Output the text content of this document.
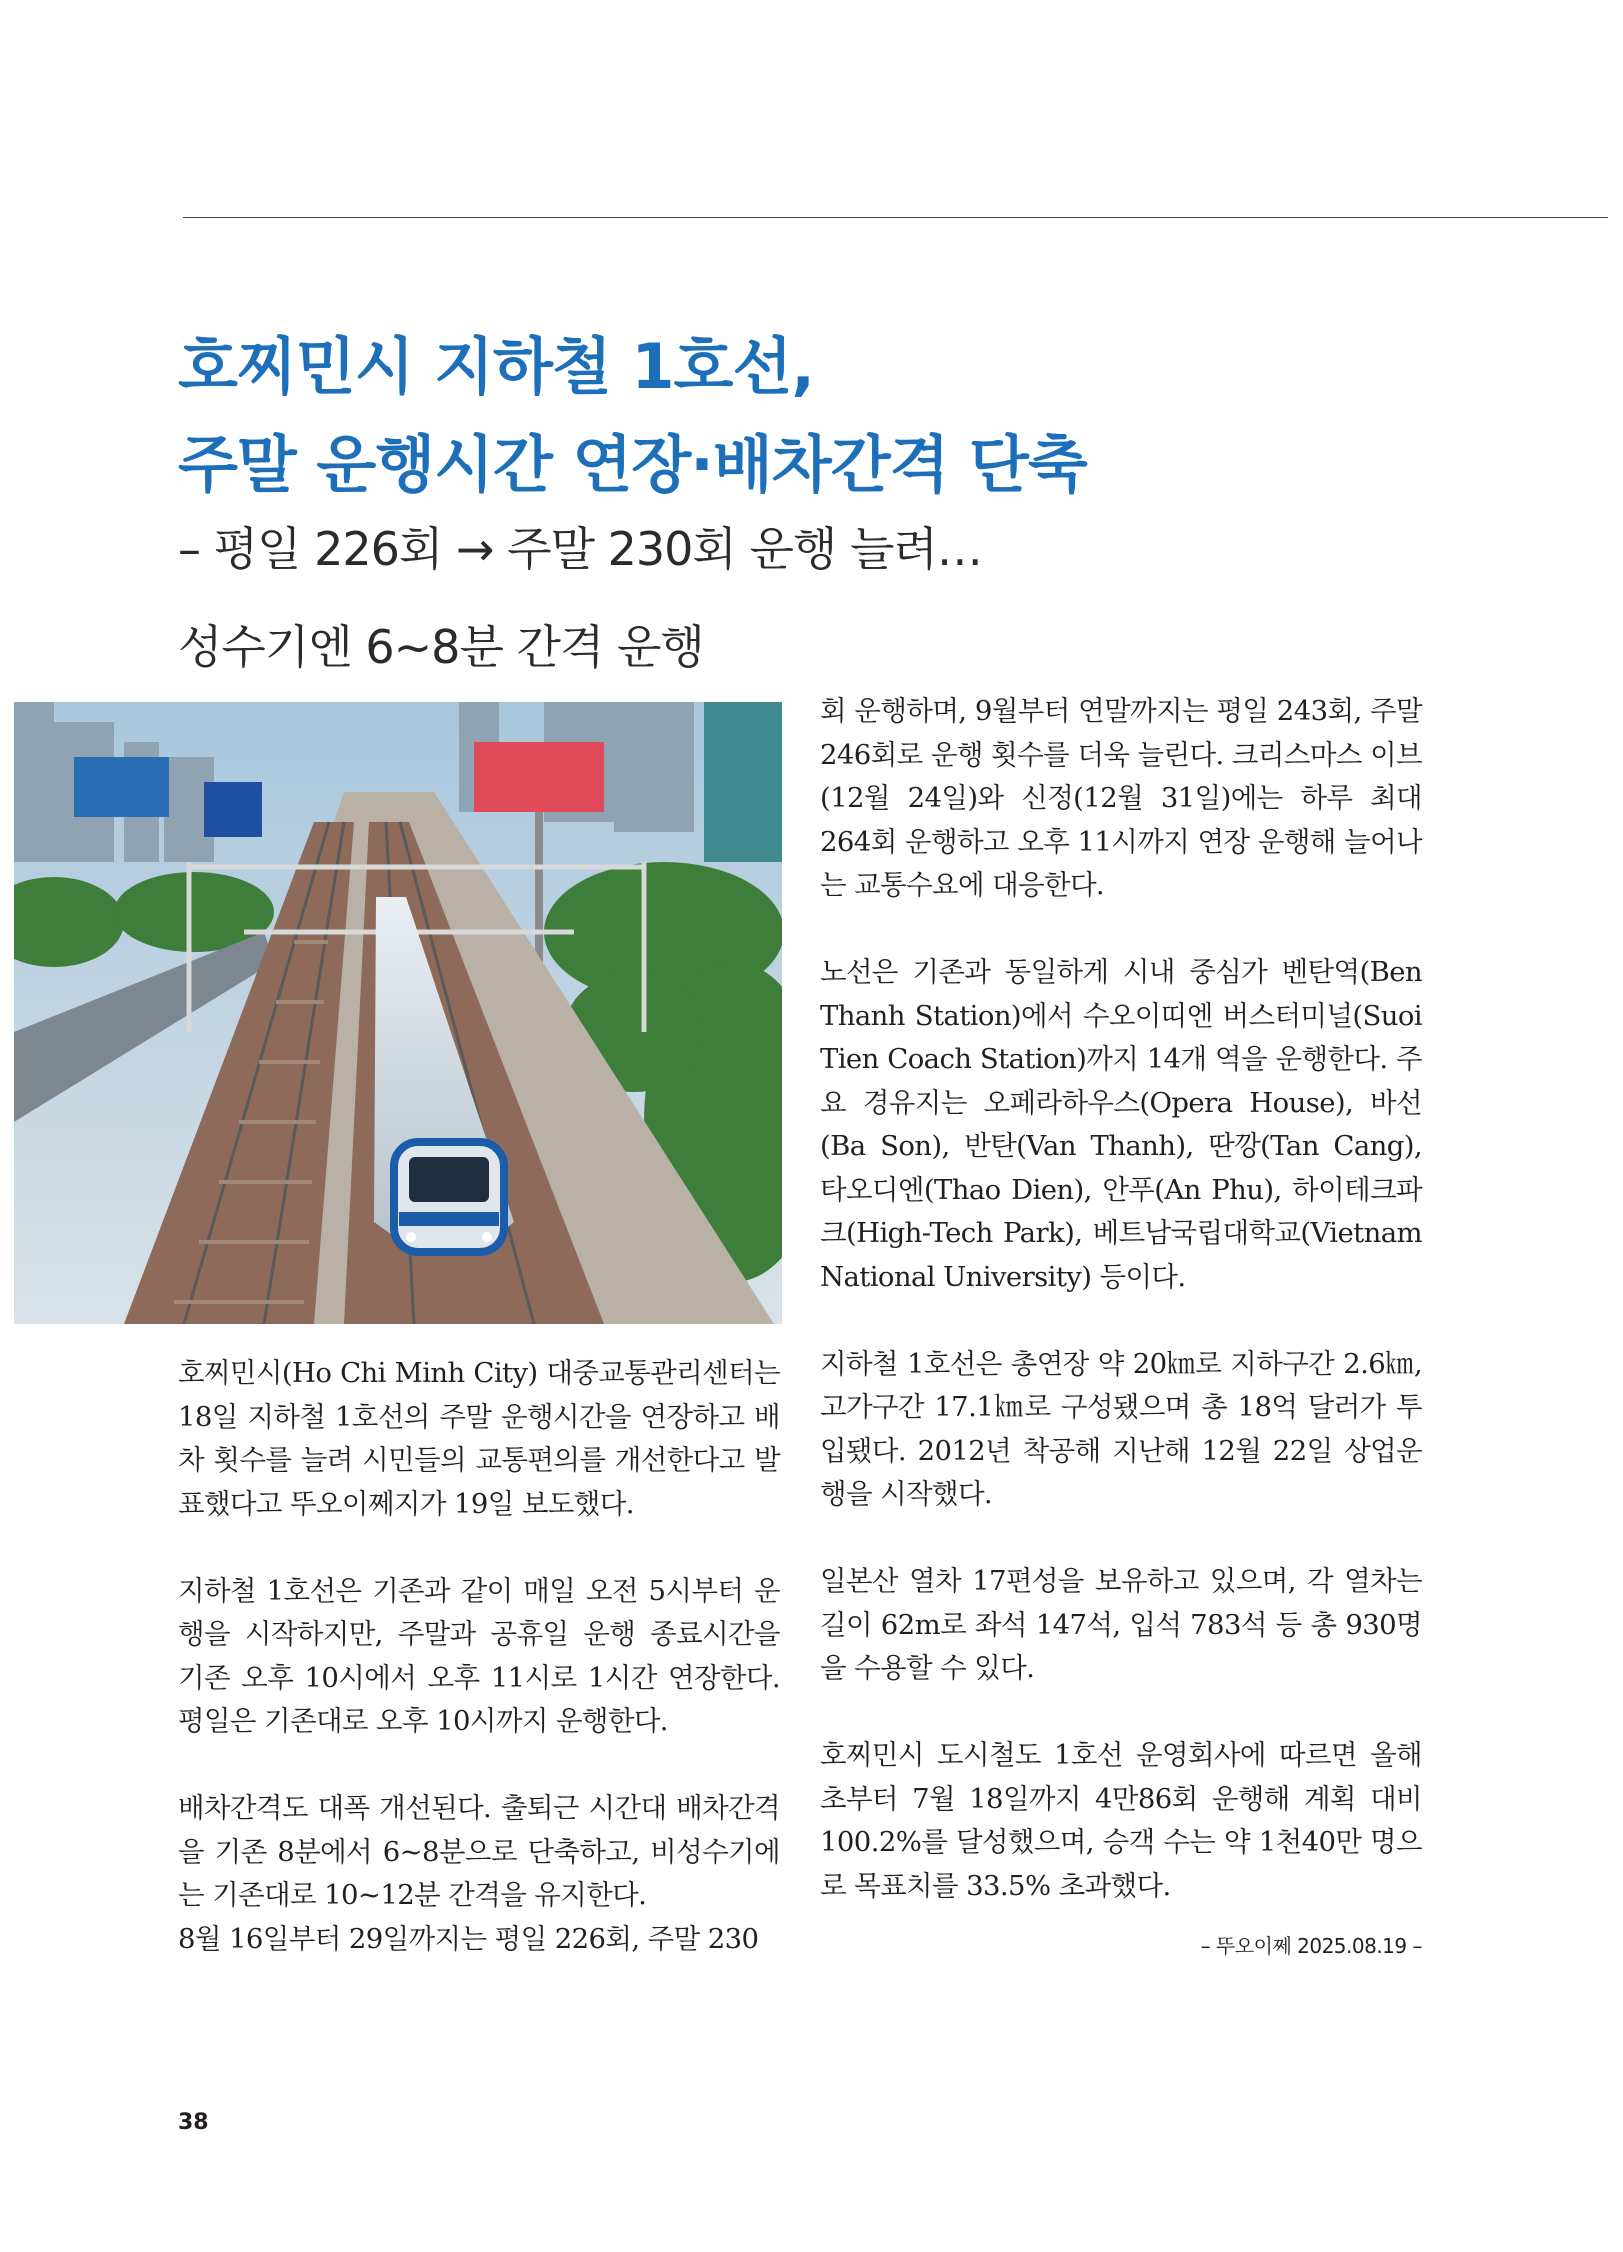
호찌민시 지하철 1호선,
주말 운행시간 연장·배차간격 단축
– 평일 226회 → 주말 230회 운행 늘려…
성수기엔 6~8분 간격 운행

호찌민시(Ho Chi Minh City) 대중교통관리센터는 18일 지하철 1호선의 주말 운행시간을 연장하고 배차 횟수를 늘려 시민들의 교통편의를 개선한다고 발표했다고 뚜오이쩨지가 19일 보도했다.

지하철 1호선은 기존과 같이 매일 오전 5시부터 운행을 시작하지만, 주말과 공휴일 운행 종료시간을 기존 오후 10시에서 오후 11시로 1시간 연장한다. 평일은 기존대로 오후 10시까지 운행한다.

배차간격도 대폭 개선된다. 출퇴근 시간대 배차간격을 기존 8분에서 6~8분으로 단축하고, 비성수기에는 기존대로 10~12분 간격을 유지한다.

8월 16일부터 29일까지는 평일 226회, 주말 230

회 운행하며, 9월부터 연말까지는 평일 243회, 주말 246회로 운행 횟수를 더욱 늘린다. 크리스마스 이브(12월 24일)와 신정(12월 31일)에는 하루 최대 264회 운행하고 오후 11시까지 연장 운행해 늘어나는 교통수요에 대응한다.

노선은 기존과 동일하게 시내 중심가 벤탄역(Ben Thanh Station)에서 수오이띠엔 버스터미널(Suoi Tien Coach Station)까지 14개 역을 운행한다. 주요 경유지는 오페라하우스(Opera House), 바선(Ba Son), 반탄(Van Thanh), 딴깡(Tan Cang), 타오디엔(Thao Dien), 안푸(An Phu), 하이테크파크(High-Tech Park), 베트남국립대학교(Vietnam National University) 등이다.

지하철 1호선은 총연장 약 20㎞로 지하구간 2.6㎞, 고가구간 17.1㎞로 구성됐으며 총 18억 달러가 투입됐다. 2012년 착공해 지난해 12월 22일 상업운행을 시작했다.

일본산 열차 17편성을 보유하고 있으며, 각 열차는 길이 62m로 좌석 147석, 입석 783석 등 총 930명을 수용할 수 있다.

호찌민시 도시철도 1호선 운영회사에 따르면 올해 초부터 7월 18일까지 4만86회 운행해 계획 대비 100.2%를 달성했으며, 승객 수는 약 1천40만 명으로 목표치를 33.5% 초과했다.

– 뚜오이쩨 2025.08.19 –
38
